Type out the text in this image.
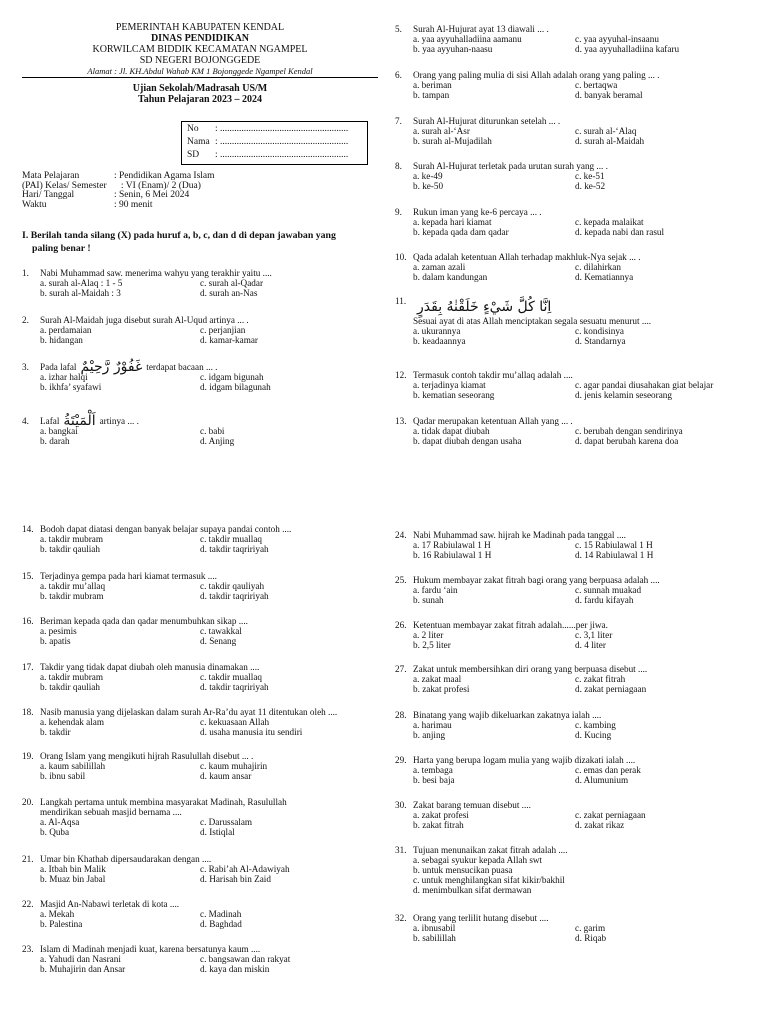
PEMERINTAH KABUPATEN KENDAL
DINAS PENDIDIKAN
KORWILCAM BIDDIK KECAMATAN NGAMPEL
SD NEGERI BOJONGGEDE
Alamat : Jl. KH.Abdul Wahab KM 1 Bojonggede Ngampel Kendal
Ujian Sekolah/Madrasah US/M
Tahun Pelajaran 2023 – 2024
No	: ......................................................
Nama : ......................................................
SD	: ......................................................
Mata Pelajaran	: Pendidikan Agama Islam
(PAI) Kelas/ Semester : VI (Enam)/ 2 (Dua)
Hari/ Tanggal	: Senin, 6 Mei 2024
Waktu	: 90 menit
I. Berilah tanda silang (X) pada huruf a, b, c, dan d di depan jawaban yang
paling benar !
1.	Nabi Muhammad saw. menerima wahyu yang terakhir yaitu ....
a. surah al-Alaq : 1 - 5	c. surah al-Qadar
b. surah al-Maidah : 3	d. surah an-Nas
2.	Surah Al-Maidah juga disebut surah Al-Uqud artinya ... .
a. perdamaian	c. perjanjian
b. hidangan	d. kamar-kamar
3.	Pada lafal غَفُوْرٌ رَّحِيْمٌ terdapat bacaan ... .
a. izhar halqi	c. idgam bigunah
b. ikhfa’ syafawi	d. idgam bilagunah
4.	Lafal اَلْمَيْتَةُ artinya ... .
a. bangkai	c. babi
b. darah	d. Anjing
5.	Surah Al-Hujurat ayat 13 diawali ... .
a. yaa ayyuhalladiina aamanu	c. yaa ayyuhal-insaanu
b. yaa ayyuhan-naasu	d. yaa ayyuhalladiina kafaru
6.	Orang yang paling mulia di sisi Allah adalah orang yang paling ... .
a. beriman	c. bertaqwa
b. tampan	d. banyak beramal
7.	Surah Al-Hujurat diturunkan setelah ... .
a. surah al-‘Asr	c. surah al-‘Alaq
b. surah al-Mujadilah	d. surah al-Maidah
8.	Surah Al-Hujurat terletak pada urutan surah yang ... .
a. ke-49	c. ke-51
b. ke-50	d. ke-52
9.	Rukun iman yang ke-6 percaya ... .
a. kepada hari kiamat	c. kepada malaikat
b. kepada qada dam qadar	d. kepada nabi dan rasul
10. Qada adalah ketentuan Allah terhadap makhluk-Nya sejak ... .
a. zaman azali	c. dilahirkan
b. dalam kandungan	d. Kematiannya
11. اِنَّا كُلَّ شَيْءٍ خَلَقْنٰهُ بِقَدَرٍ
Sesuai ayat di atas Allah menciptakan segala sesuatu menurut ....
a. ukurannya	c. kondisinya
b. keadaannya	d. Standarnya
12. Termasuk contoh takdir mu’allaq adalah ....
a. terjadinya kiamat	c. agar pandai diusahakan giat belajar
b. kematian seseorang	d. jenis kelamin seseorang
13. Qadar merupakan ketentuan Allah yang ... .
a. tidak dapat diubah	c. berubah dengan sendirinya
b. dapat diubah dengan usaha	d. dapat berubah karena doa
14. Bodoh dapat diatasi dengan banyak belajar supaya pandai contoh ....
a. takdir mubram	c. takdir muallaq
b. takdir qauliah	d. takdir taqririyah
15. Terjadinya gempa pada hari kiamat termasuk ....
a. takdir mu’allaq	c. takdir qauliyah
b. takdir mubram	d. takdir taqririyah
16. Beriman kepada qada dan qadar menumbuhkan sikap ....
a. pesimis	c. tawakkal
b. apatis	d. Senang
17. Takdir yang tidak dapat diubah oleh manusia dinamakan ....
a. takdir mubram	c. takdir muallaq
b. takdir qauliah	d. takdir taqririyah
18. Nasib manusia yang dijelaskan dalam surah Ar-Ra’du ayat 11 ditentukan oleh ....
a. kehendak alam	c. kekuasaan Allah
b. takdir	d. usaha manusia itu sendiri
19. Orang Islam yang mengikuti hijrah Rasulullah disebut ... .
a. kaum sabilillah	c. kaum muhajirin
b. ibnu sabil	d. kaum ansar
20. Langkah pertama untuk membina masyarakat Madinah, Rasulullah
mendirikan sebuah masjid bernama ....
a. Al-Aqsa	c. Darussalam
b. Quba	d. Istiqlal
21. Umar bin Khathab dipersaudarakan dengan ....
a. Itbah bin Malik	c. Rabi’ah Al-Adawiyah
b. Muaz bin Jabal	d. Harisah bin Zaid
22. Masjid An-Nabawi terletak di kota ....
a. Mekah	c. Madinah
b. Palestina	d. Baghdad
23. Islam di Madinah menjadi kuat, karena bersatunya kaum ....
a. Yahudi dan Nasrani	c. bangsawan dan rakyat
b. Muhajirin dan Ansar	d. kaya dan miskin
24. Nabi Muhammad saw. hijrah ke Madinah pada tanggal ....
a. 17 Rabiulawal 1 H	c. 15 Rabiulawal 1 H
b. 16 Rabiulawal 1 H	d. 14 Rabiulawal 1 H
25. Hukum membayar zakat fitrah bagi orang yang berpuasa adalah ....
a. fardu ‘ain	c. sunnah muakad
b. sunah	d. fardu kifayah
26. Ketentuan membayar zakat fitrah adalah......per jiwa.
a. 2 liter	c. 3,1 liter
b. 2,5 liter	d. 4 liter
27. Zakat untuk membersihkan diri orang yang berpuasa disebut ....
a. zakat maal	c. zakat fitrah
b. zakat profesi	d. zakat perniagaan
28. Binatang yang wajib dikeluarkan zakatnya ialah ....
a. harimau	c. kambing
b. anjing	d. Kucing
29. Harta yang berupa logam mulia yang wajib dizakati ialah ....
a. tembaga	c. emas dan perak
b. besi baja	d. Alumunium
30. Zakat barang temuan disebut ....
a. zakat profesi	c. zakat perniagaan
b. zakat fitrah	d. zakat rikaz
31. Tujuan menunaikan zakat fitrah adalah ....
a. sebagai syukur kepada Allah swt
b. untuk mensucikan puasa
c. untuk menghilangkan sifat kikir/bakhil
d. menimbulkan sifat dermawan
32. Orang yang terlilit hutang disebut ....
a. ibnusabil	c. garim
b. sabilillah	d. Riqab
